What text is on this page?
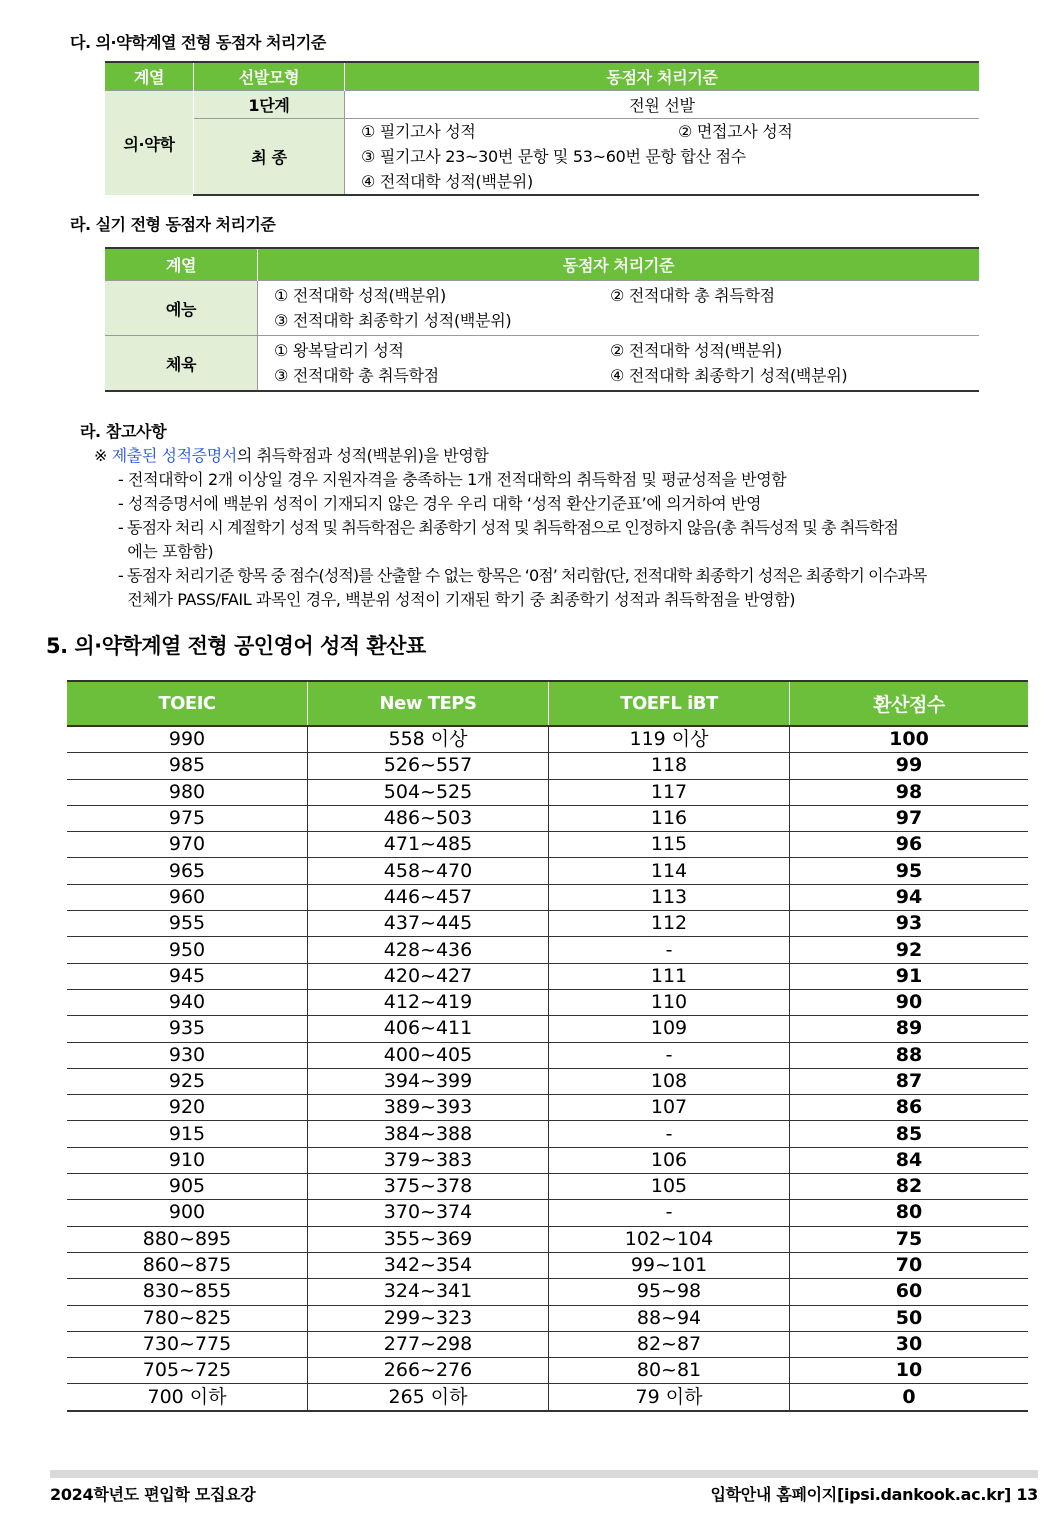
다. 의·약학계열 전형 동점자 처리기준
계열	선발모형	동점자 처리기준
의·약학	1단계	전원 선발
	최 종	① 필기고사 성적 ② 면접고사 성적
③ 필기고사 23~30번 문항 및 53~60번 문항 합산 점수
④ 전적대학 성적(백분위)
라. 실기 전형 동점자 처리기준
계열	동점자 처리기준
예능	① 전적대학 성적(백분위) ② 전적대학 총 취득학점
③ 전적대학 최종학기 성적(백분위)

체육	① 왕복달리기 성적 ② 전적대학 성적(백분위)
③ 전적대학 총 취득학점 ④ 전적대학 최종학기 성적(백분위)
라. 참고사항
※ 제출된 성적증명서의 취득학점과 성적(백분위)을 반영함
- 전적대학이 2개 이상일 경우 지원자격을 충족하는 1개 전적대학의 취득학점 및 평균성적을 반영함
- 성적증명서에 백분위 성적이 기재되지 않은 경우 우리 대학 ‘성적 환산기준표’에 의거하여 반영
- 동점자 처리 시 계절학기 성적 및 취득학점은 최종학기 성적 및 취득학점으로 인정하지 않음(총 취득성적 및 총 취득학점
에는 포함함)
- 동점자 처리기준 항목 중 점수(성적)를 산출할 수 없는 항목은 ‘0점’ 처리함(단, 전적대학 최종학기 성적은 최종학기 이수과목
전체가 PASS/FAIL 과목인 경우, 백분위 성적이 기재된 학기 중 최종학기 성적과 취득학점을 반영함)
5. 의·약학계열 전형 공인영어 성적 환산표
TOEIC	New TEPS	TOEFL iBT	환산점수
990	558 이상	119 이상	100
985	526~557	118	99
980	504~525	117	98
975	486~503	116	97
970	471~485	115	96
965	458~470	114	95
960	446~457	113	94
955	437~445	112	93
950	428~436	-	92
945	420~427	111	91
940	412~419	110	90
935	406~411	109	89
930	400~405	-	88
925	394~399	108	87
920	389~393	107	86
915	384~388	-	85
910	379~383	106	84
905	375~378	105	82
900	370~374	-	80
880~895	355~369	102~104	75
860~875	342~354	99~101	70
830~855	324~341	95~98	60
780~825	299~323	88~94	50
730~775	277~298	82~87	30
705~725	266~276	80~81	10
700 이하	265 이하	79 이하	0
2024학년도 편입학 모집요강	입학안내 홈페이지[ipsi.dankook.ac.kr] 13
